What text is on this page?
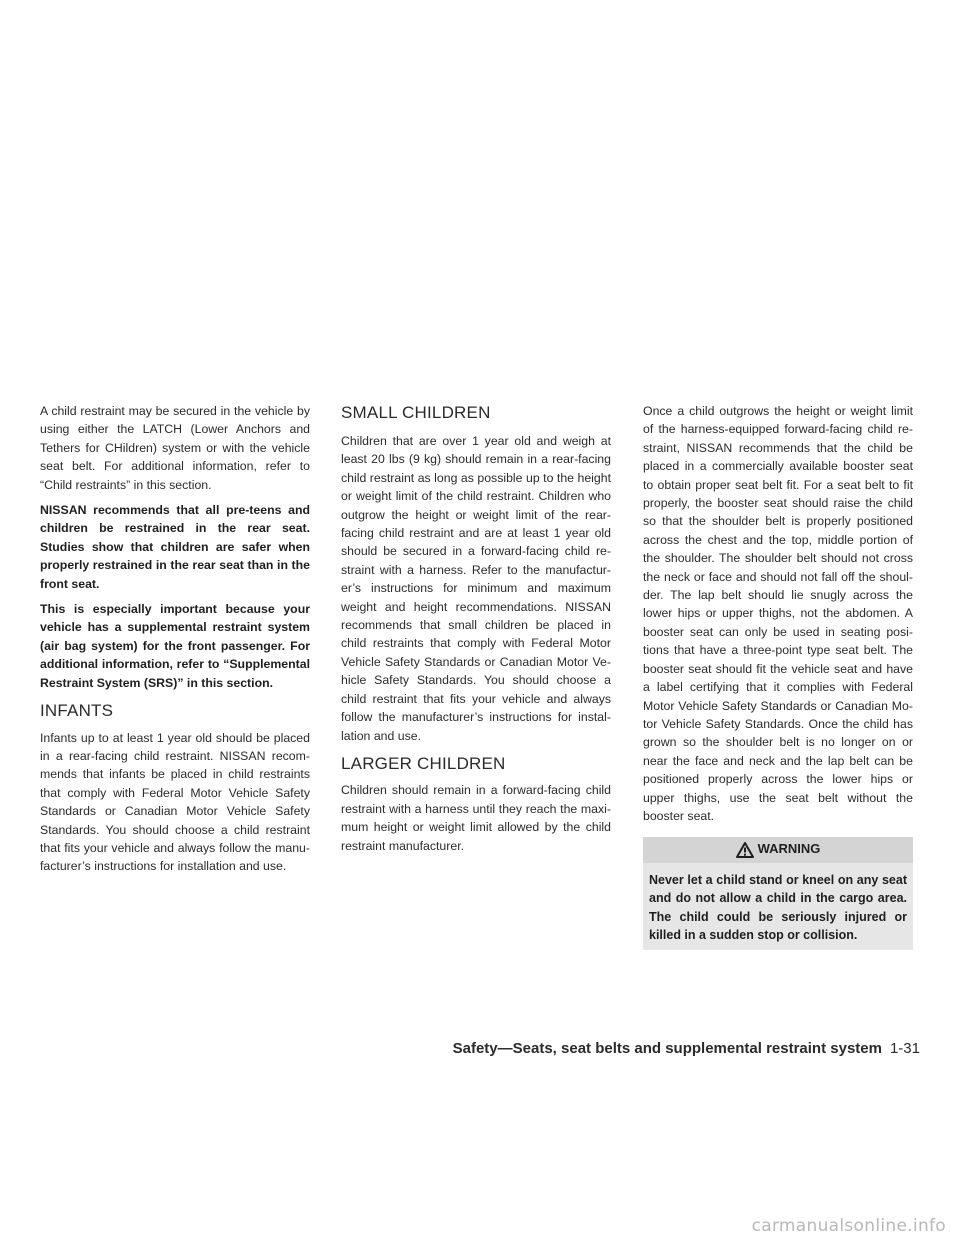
A child restraint may be secured in the vehicle by using either the LATCH (Lower Anchors and Tethers for CHildren) system or with the vehicle seat belt. For additional information, refer to “Child restraints” in this section.

NISSAN recommends that all pre-teens and children be restrained in the rear seat. Studies show that children are safer when properly restrained in the rear seat than in the front seat.

This is especially important because your vehicle has a supplemental restraint system (air bag system) for the front passenger. For additional information, refer to “Supplemental Restraint System (SRS)” in this section.

INFANTS

Infants up to at least 1 year old should be placed in a rear-facing child restraint. NISSAN recommends that infants be placed in child restraints that comply with Federal Motor Vehicle Safety Standards or Canadian Motor Vehicle Safety Standards. You should choose a child restraint that fits your vehicle and always follow the manufacturer’s instructions for installation and use.

SMALL CHILDREN

Children that are over 1 year old and weigh at least 20 lbs (9 kg) should remain in a rear-facing child restraint as long as possible up to the height or weight limit of the child restraint. Children who outgrow the height or weight limit of the rear-facing child restraint and are at least 1 year old should be secured in a forward-facing child restraint with a harness. Refer to the manufacturer’s instructions for minimum and maximum weight and height recommendations. NISSAN recommends that small children be placed in child restraints that comply with Federal Motor Vehicle Safety Standards or Canadian Motor Vehicle Safety Standards. You should choose a child restraint that fits your vehicle and always follow the manufacturer’s instructions for installation and use.

LARGER CHILDREN

Children should remain in a forward-facing child restraint with a harness until they reach the maximum height or weight limit allowed by the child restraint manufacturer.

Once a child outgrows the height or weight limit of the harness-equipped forward-facing child restraint, NISSAN recommends that the child be placed in a commercially available booster seat to obtain proper seat belt fit. For a seat belt to fit properly, the booster seat should raise the child so that the shoulder belt is properly positioned across the chest and the top, middle portion of the shoulder. The shoulder belt should not cross the neck or face and should not fall off the shoulder. The lap belt should lie snugly across the lower hips or upper thighs, not the abdomen. A booster seat can only be used in seating positions that have a three-point type seat belt. The booster seat should fit the vehicle seat and have a label certifying that it complies with Federal Motor Vehicle Safety Standards or Canadian Motor Vehicle Safety Standards. Once the child has grown so the shoulder belt is no longer on or near the face and neck and the lap belt can be positioned properly across the lower hips or upper thighs, use the seat belt without the booster seat.

WARNING
Never let a child stand or kneel on any seat and do not allow a child in the cargo area. The child could be seriously injured or killed in a sudden stop or collision.
Safety—Seats, seat belts and supplemental restraint system 1-31
carmanualsonline.info
